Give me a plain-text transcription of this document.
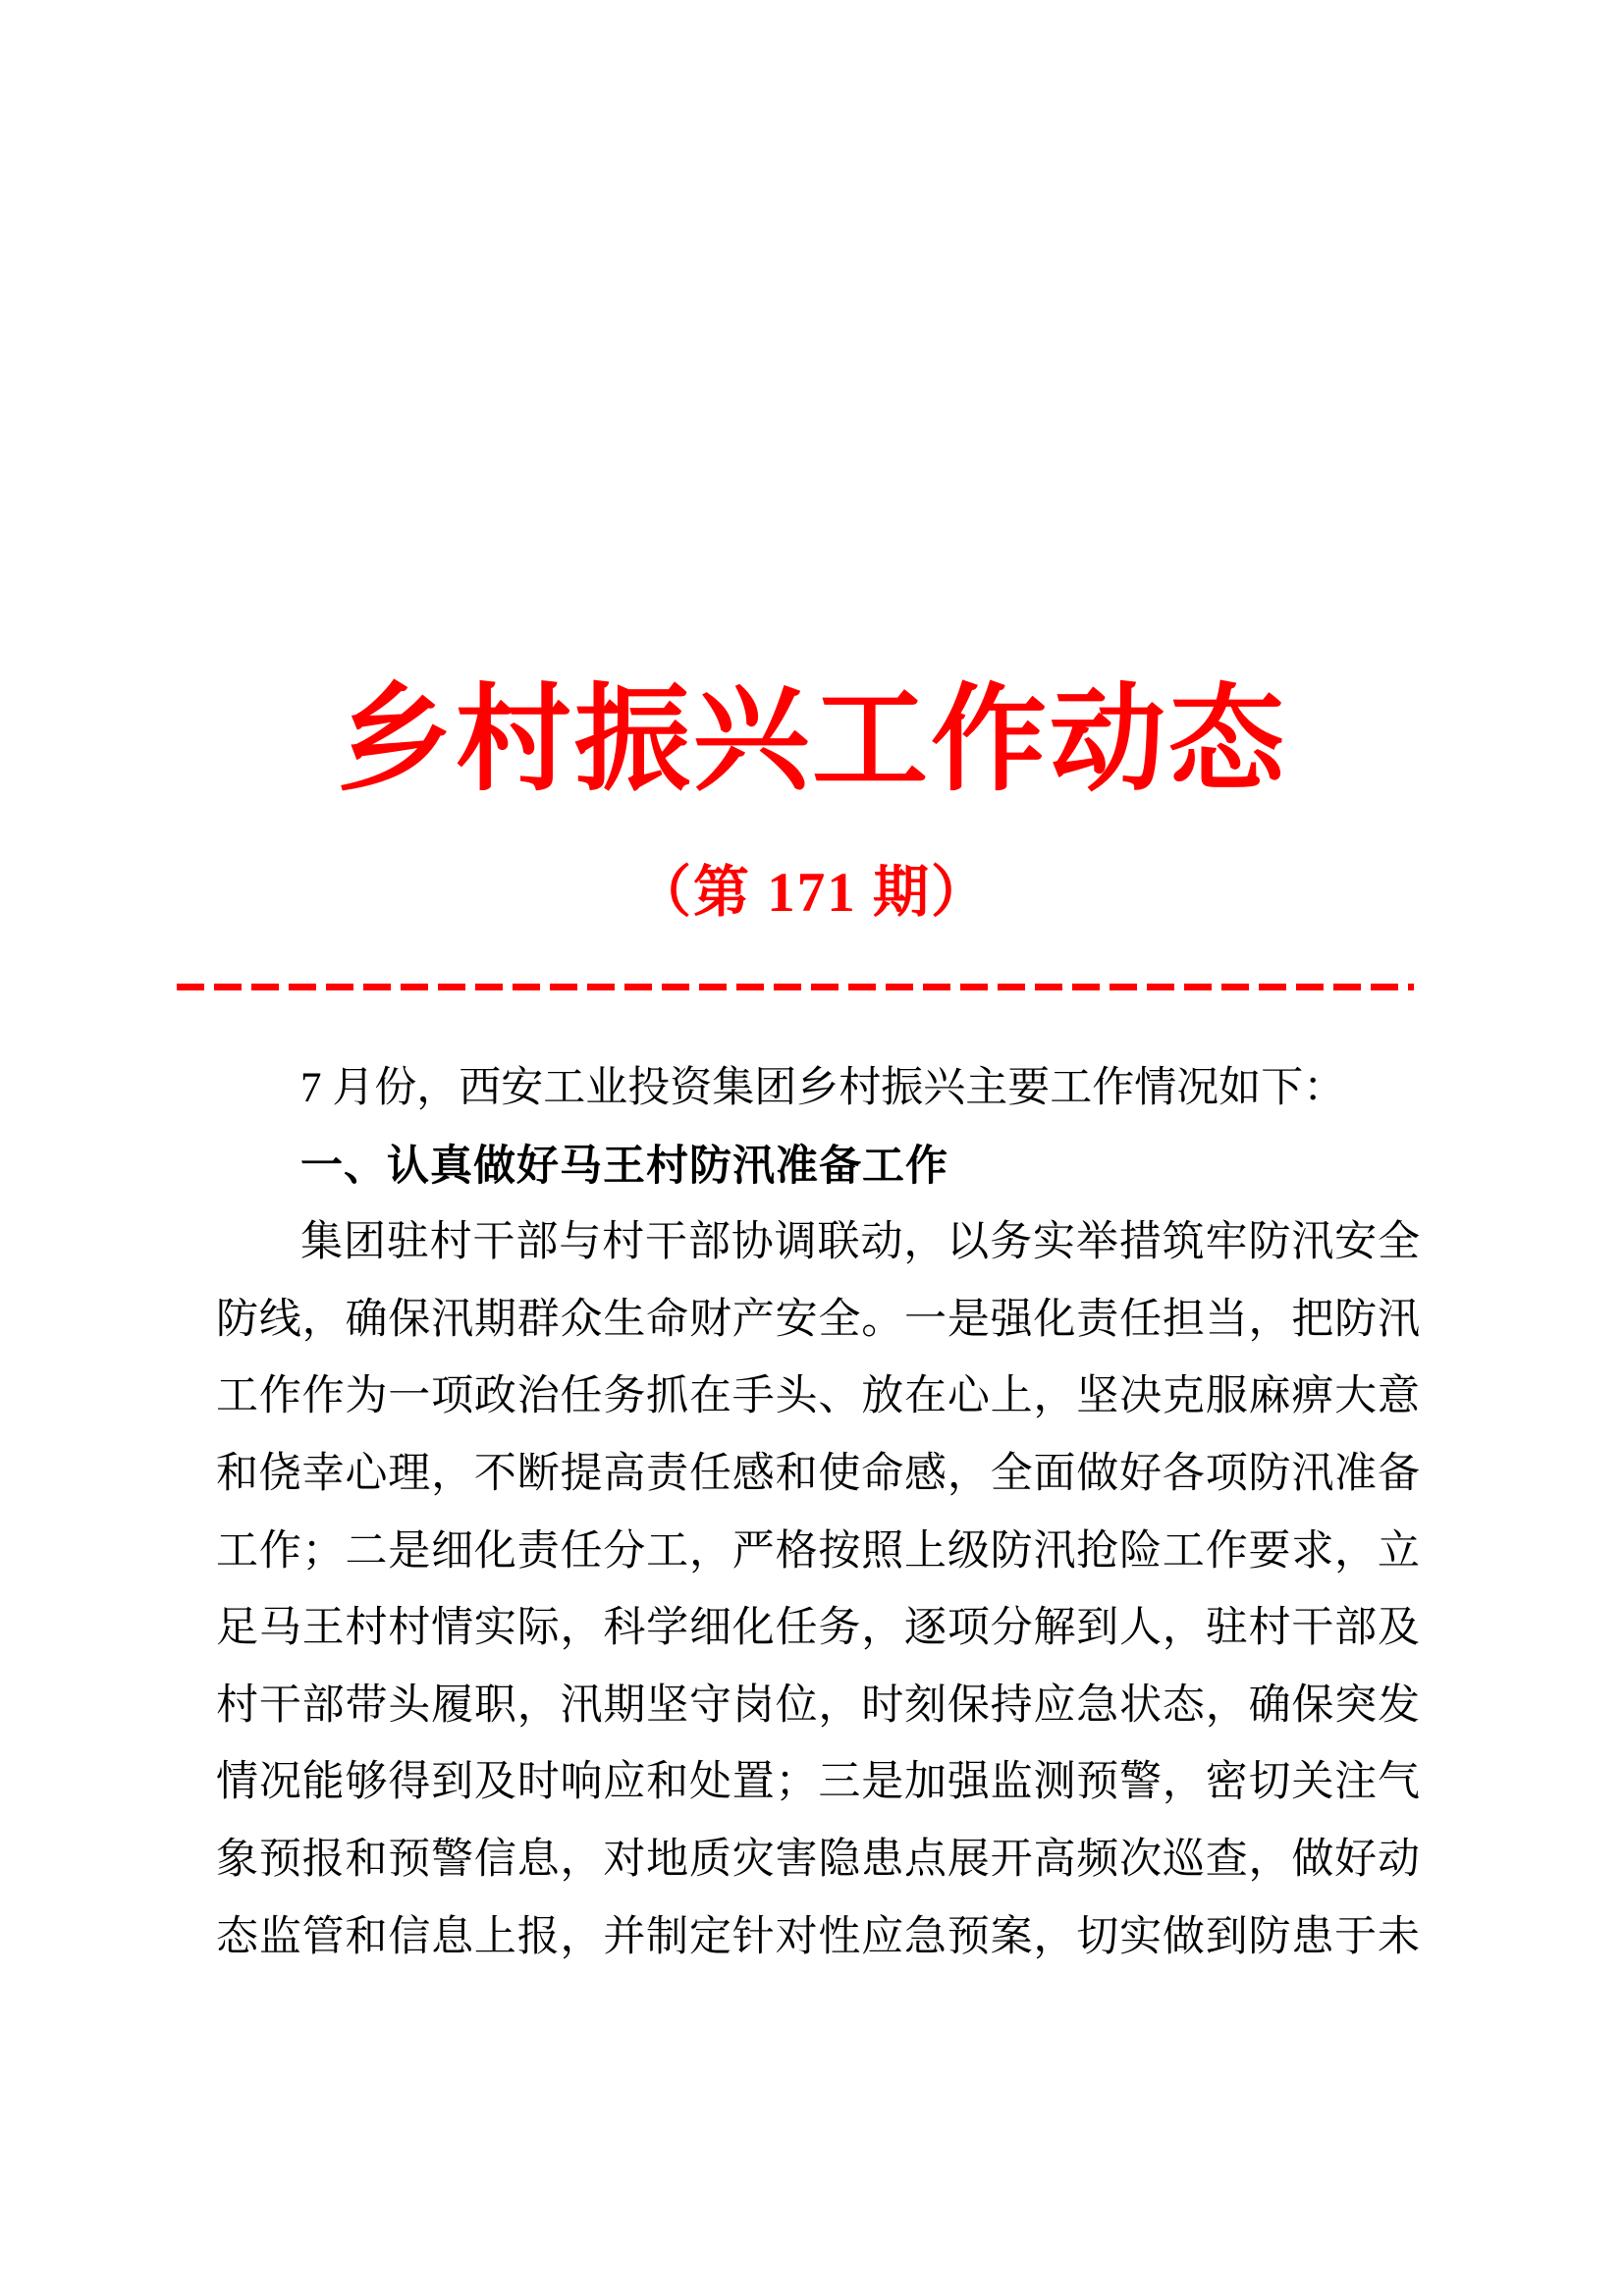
乡村振兴工作动态
（第 171 期）
7 月份，西安工业投资集团乡村振兴主要工作情况如下：
一、认真做好马王村防汛准备工作
集团驻村干部与村干部协调联动，以务实举措筑牢防汛安全
防线，确保汛期群众生命财产安全。一是强化责任担当，把防汛
工作作为一项政治任务抓在手头、放在心上，坚决克服麻痹大意
和侥幸心理，不断提高责任感和使命感，全面做好各项防汛准备
工作；二是细化责任分工，严格按照上级防汛抢险工作要求，立
足马王村村情实际，科学细化任务，逐项分解到人，驻村干部及
村干部带头履职，汛期坚守岗位，时刻保持应急状态，确保突发
情况能够得到及时响应和处置；三是加强监测预警，密切关注气
象预报和预警信息，对地质灾害隐患点展开高频次巡查，做好动
态监管和信息上报，并制定针对性应急预案，切实做到防患于未
